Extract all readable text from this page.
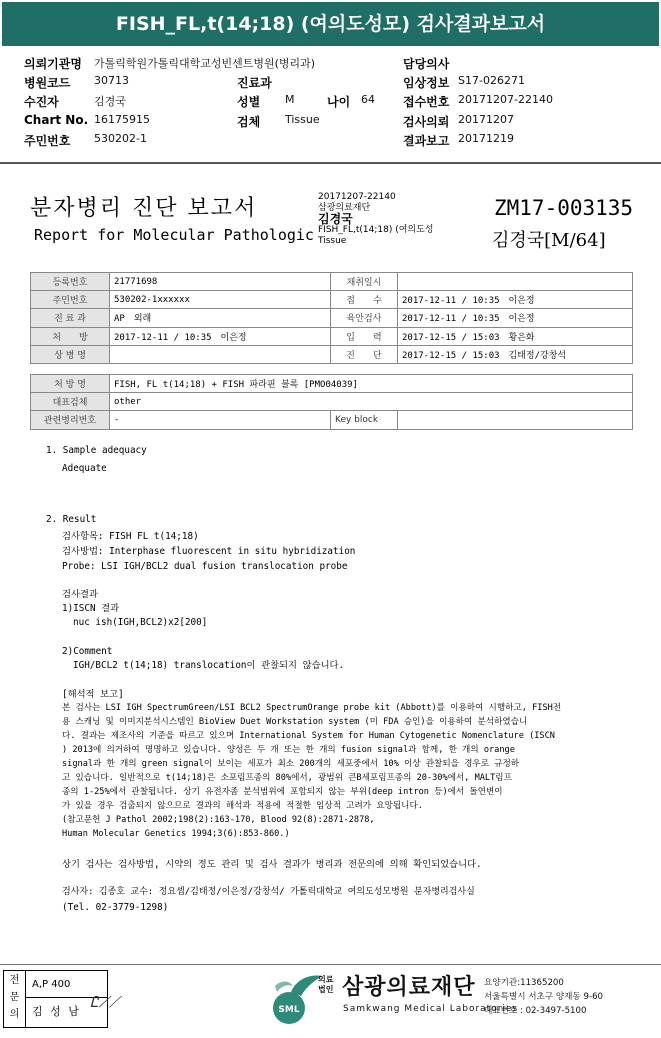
FISH_FL,t(14;18) (여의도성모) 검사결과보고서
의뢰기관명 가톨릭학원가톨릭대학교성빈센트병원(병리과)	담당의사
병원코드 30713	진료과	임상정보 S17-026271
수진자	김경국	성별 M	나이 64 접수번호 20171207-22140
Chart No. 16175915	검체 Tissue	검사의뢰 20171207
주민번호 530202-1	결과보고 20171219
분자병리 진단 보고서
Report for Molecular Pathologic
20171207-22140
삼광의료재단
김경국
FISH_FL,t(14;18) (여의도성
Tissue
ZM17-003135
김경국[M/64]
등록번호	21771698	채취일시	
주민번호	530202-1xxxxxx	접　　수	2017-12-11 / 10:35　이은정
진 료 과	AP　외래	육안검사	2017-12-11 / 10:35　이은정
처　　방	2017-12-11 / 10:35　이은정	입　　력	2017-12-15 / 15:03　황은화
상 병 명		진　　단	2017-12-15 / 15:03　김태정/강창석
처 방 명	FISH, FL t(14;18) + FISH 파라핀 블록 [PMO04039]		
대표검체	other		
관련병리번호	-	Key block	
1. Sample adequacy
Adequate
2. Result
검사항목: FISH FL t(14;18)
검사방법: Interphase fluorescent in situ hybridization
Probe: LSI IGH/BCL2 dual fusion translocation probe
검사결과
1)ISCN 결과
nuc ish(IGH,BCL2)x2[200]
2)Comment
IGH/BCL2 t(14;18) translocation이 관찰되지 않습니다.
[해석적 보고]
본 검사는 LSI IGH SpectrumGreen/LSI BCL2 SpectrumOrange probe kit (Abbott)를 이용하여 시행하고, FISH전
용 스캐닝 및 이미지분석시스템인 BioView Duet Workstation system (미 FDA 승인)을 이용하여 분석하였습니
다. 결과는 제조사의 기준을 따르고 있으며 International System for Human Cytogenetic Nomenclature (ISCN
) 2013에 의거하여 명명하고 있습니다. 양성은 두 개 또는 한 개의 fusion signal과 함께, 한 개의 orange
signal과 한 개의 green signal이 보이는 세포가 최소 200개의 세포중에서 10% 이상 관찰되을 경우로 규정하
고 있습니다. 일반적으로 t(14;18)은 소포림프종의 80%에서, 광범위 큰B세포림프종의 20-30%에서, MALT림프
종의 1-25%에서 관찰됩니다. 상기 유전자좀 분석범위에 포함되지 않는 부위(deep intron 등)에서 돌연변이
가 있을 경우 검출되지 않으므로 결과의 해석과 적용에 적절한 임상적 고려가 요망됩니다.
(참고문헌 J Pathol 2002;198(2):163-170, Blood 92(8):2871-2878,
Human Molecular Genetics 1994;3(6):853-860.)
상기 검사는 검사방법, 시약의 정도 관리 및 검사 결과가 병리과 전문의에 의해 확인되었습니다.
검사자: 김종호 교수: 정요셉/김태정/이은정/강창석/ 가톨릭대학교 여의도성모병원 분자병리검사실
(Tel. 02-3779-1298)
전문의
A,P 400
김 성 남
Ꮭ⟋⟋	SML
의료
법인 삼광의료재단
Samkwang Medical Laboratories
요양기관:11365200
서울특별시 서초구 양재동 9-60
대표번호 : 02-3497-5100
